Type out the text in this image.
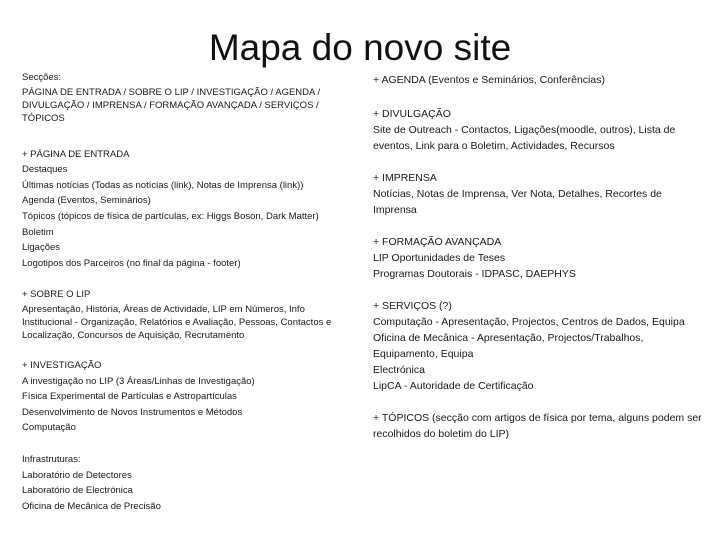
Mapa do novo site
Secções:
PÁGINA DE ENTRADA / SOBRE O LIP / INVESTIGAÇÃO / AGENDA / DIVULGAÇÃO / IMPRENSA / FORMAÇÃO AVANÇADA / SERVIÇOS / TÓPICOS
+ PÁGINA DE ENTRADA
Destaques
Últimas notícias (Todas as notícias (link), Notas de Imprensa (link))
Agenda (Eventos, Seminários)
Tópicos (tópicos de física de partículas, ex: Higgs Boson, Dark Matter)
Boletim
Ligações
Logotipos dos Parceiros (no final da página - footer)
+ SOBRE O LIP
Apresentação, História, Áreas de Actividade, LIP em Números, Info Institucional - Organização, Relatórios e Avaliação, Pessoas, Contactos e Localização, Concursos de Aquisição, Recrutamento
+ INVESTIGAÇÃO
A investigação no LIP (3 Áreas/Linhas de Investigação)
Física Experimental de Partículas e Astropartículas
Desenvolvimento de Novos Instrumentos e Métodos
Computação
Infrastruturas:
Laboratório de Detectores
Laboratório de Electrónica
Oficina de Mecânica de Precisão
+ AGENDA (Eventos e Seminários, Conferências)
+ DIVULGAÇÃO
Site de Outreach - Contactos, Ligações(moodle, outros), Lista de eventos, Link para o Boletim, Actividades, Recursos
+ IMPRENSA
Notícias, Notas de Imprensa, Ver Nota, Detalhes, Recortes de Imprensa
+ FORMAÇÃO AVANÇADA
LIP Oportunidades de Teses
Programas Doutorais - IDPASC, DAEPHYS
+ SERVIÇOS (?)
Computação - Apresentação, Projectos, Centros de Dados, Equipa
Oficina de Mecânica - Apresentação, Projectos/Trabalhos, Equipamento, Equipa
Electrónica
LipCA - Autoridade de Certificação
+ TÓPICOS (secção com artigos de física por tema, alguns podem ser recolhidos do boletim do LIP)
